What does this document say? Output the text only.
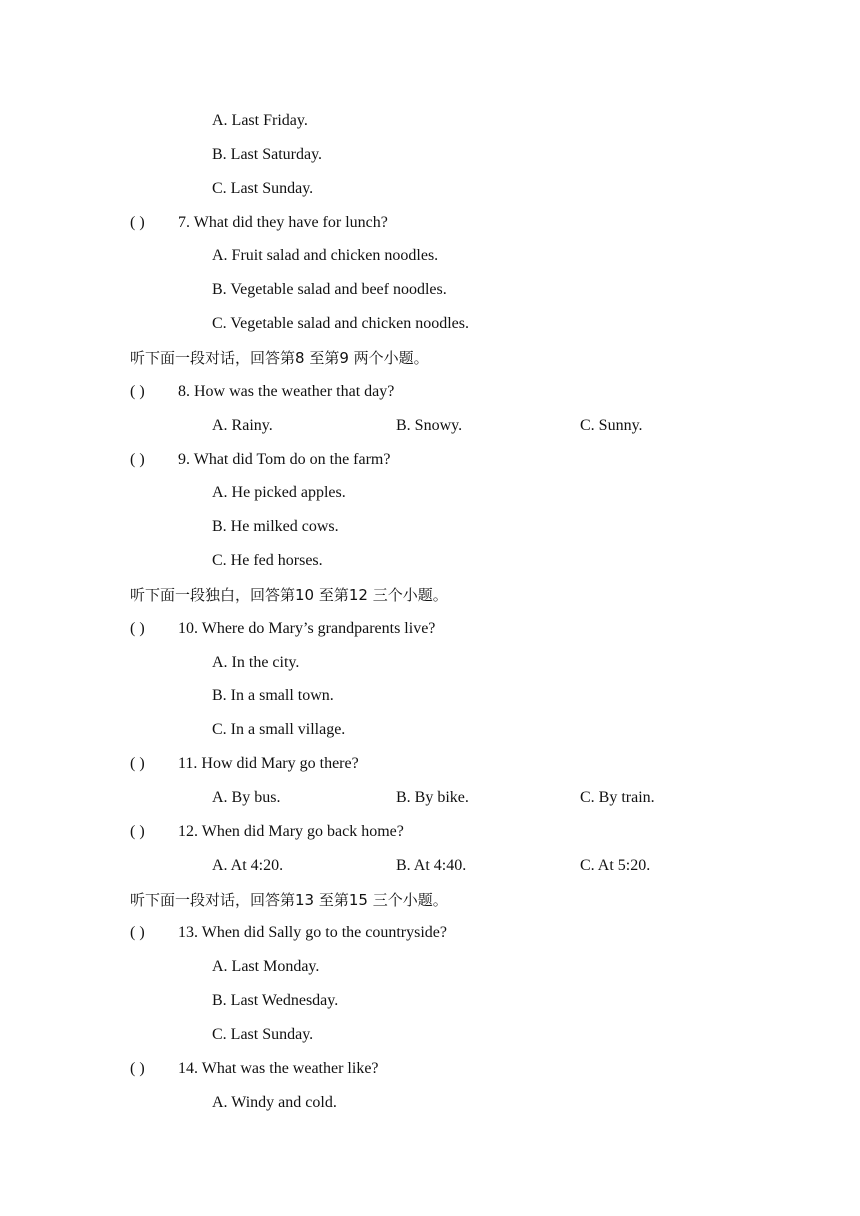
A. Last Friday.
B. Last Saturday.
C. Last Sunday.
( ) 7. What did they have for lunch?
A. Fruit salad and chicken noodles.
B. Vegetable salad and beef noodles.
C. Vegetable salad and chicken noodles.
听下面一段对话，回答第8 至第9 两个小题。
( ) 8. How was the weather that day?
A. Rainy.	B. Snowy.	C. Sunny.
( ) 9. What did Tom do on the farm?
A. He picked apples.
B. He milked cows.
C. He fed horses.
听下面一段独白，回答第10 至第12 三个小题。
( ) 10. Where do Mary’s grandparents live?
A. In the city.
B. In a small town.
C. In a small village.
( ) 11. How did Mary go there?
A. By bus.	B. By bike.	C. By train.
( ) 12. When did Mary go back home?
A. At 4:20.	B. At 4:40.	C. At 5:20.
听下面一段对话，回答第13 至第15 三个小题。
( ) 13. When did Sally go to the countryside?
A. Last Monday.
B. Last Wednesday.
C. Last Sunday.
( ) 14. What was the weather like?
A. Windy and cold.
